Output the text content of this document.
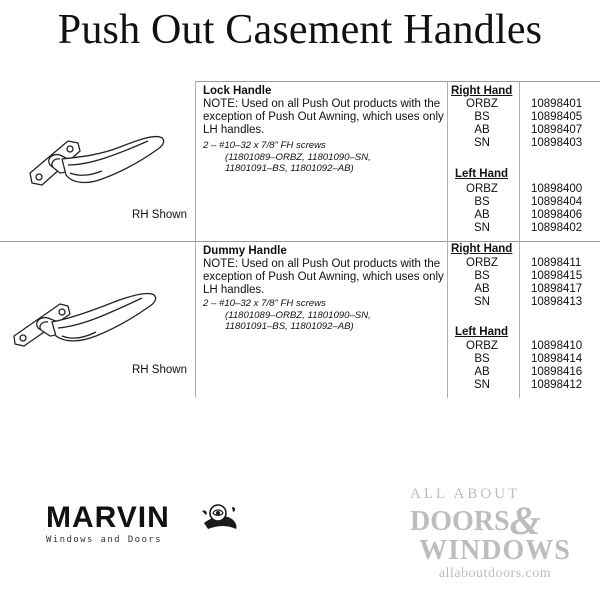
Push Out Casement Handles
RH Shown
Lock Handle
NOTE: Used on all Push Out products with the exception of Push Out Awning, which uses only LH handles.
2 – #10–32 x 7/8" FH screws
(11801089–ORBZ, 11801090–SN,
11801091–BS, 11801092–AB)
Right Hand
ORBZ
BS
AB
SN
10898401
10898405
10898407
10898403
Left Hand
ORBZ
BS
AB
SN
10898400
10898404
10898406
10898402
RH Shown
Dummy Handle
NOTE: Used on all Push Out products with the exception of Push Out Awning, which uses only LH handles.
2 – #10–32 x 7/8" FH screws
(11801089–ORBZ, 11801090–SN,
11801091–BS, 11801092–AB)
Right Hand
ORBZ
BS
AB
SN
10898411
10898415
10898417
10898413
Left Hand
ORBZ
BS
AB
SN
10898410
10898414
10898416
10898412
MARVIN
Windows and Doors
ALL ABOUT
DOORS&
WINDOWS
allaboutdoors.com
